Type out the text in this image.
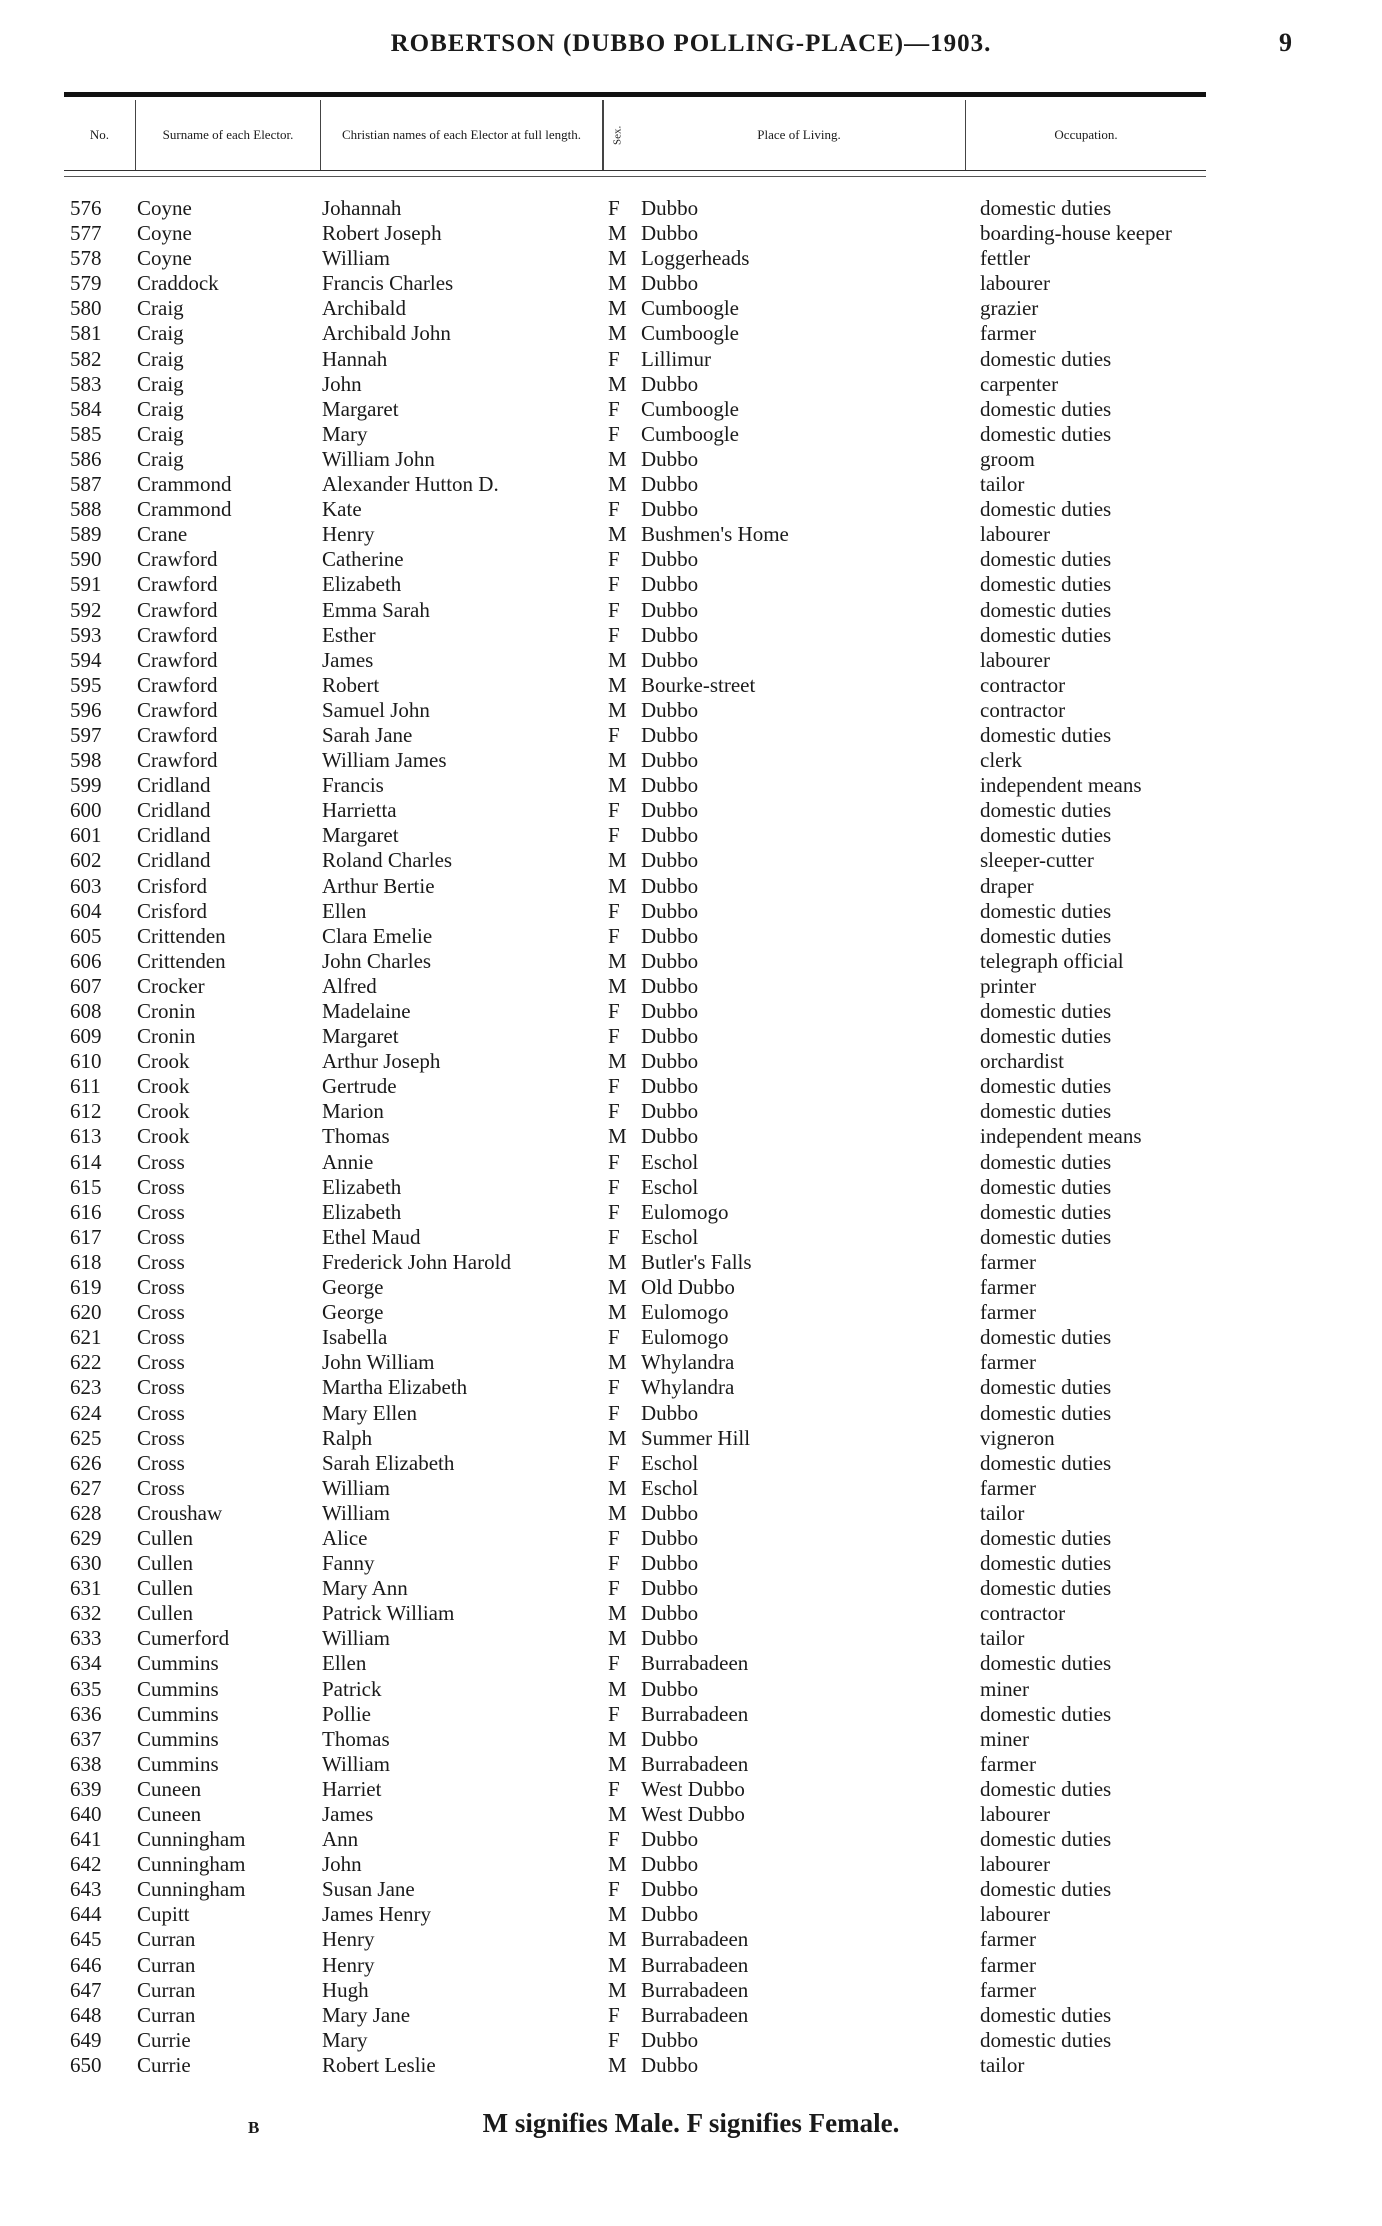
ROBERTSON (DUBBO POLLING-PLACE)—1903.	9
No.	Surname of each Elector.	Christian names of each Elector at full length.	Sex.	Place of Living.	Occupation.
576	Coyne	Johannah	F Dubbo	domestic duties
577	Coyne	Robert Joseph	M Dubbo	boarding-house keeper
578	Coyne	William	M Loggerheads	fettler
579	Craddock	Francis Charles	M Dubbo	labourer
580	Craig	Archibald	M Cumboogle	grazier
581	Craig	Archibald John	M Cumboogle	farmer
582	Craig	Hannah	F Lillimur	domestic duties
583	Craig	John	M Dubbo	carpenter
584	Craig	Margaret	F Cumboogle	domestic duties
585	Craig	Mary	F Cumboogle	domestic duties
586	Craig	William John	M Dubbo	groom
587	Crammond	Alexander Hutton D.	M Dubbo	tailor
588	Crammond	Kate	F Dubbo	domestic duties
589	Crane	Henry	M Bushmen's Home	labourer
590	Crawford	Catherine	F Dubbo	domestic duties
591	Crawford	Elizabeth	F Dubbo	domestic duties
592	Crawford	Emma Sarah	F Dubbo	domestic duties
593	Crawford	Esther	F Dubbo	domestic duties
594	Crawford	James	M Dubbo	labourer
595	Crawford	Robert	M Bourke-street	contractor
596	Crawford	Samuel John	M Dubbo	contractor
597	Crawford	Sarah Jane	F Dubbo	domestic duties
598	Crawford	William James	M Dubbo	clerk
599	Cridland	Francis	M Dubbo	independent means
600	Cridland	Harrietta	F Dubbo	domestic duties
601	Cridland	Margaret	F Dubbo	domestic duties
602	Cridland	Roland Charles	M Dubbo	sleeper-cutter
603	Crisford	Arthur Bertie	M Dubbo	draper
604	Crisford	Ellen	F Dubbo	domestic duties
605	Crittenden	Clara Emelie	F Dubbo	domestic duties
606	Crittenden	John Charles	M Dubbo	telegraph official
607	Crocker	Alfred	M Dubbo	printer
608	Cronin	Madelaine	F Dubbo	domestic duties
609	Cronin	Margaret	F Dubbo	domestic duties
610	Crook	Arthur Joseph	M Dubbo	orchardist
611	Crook	Gertrude	F Dubbo	domestic duties
612	Crook	Marion	F Dubbo	domestic duties
613	Crook	Thomas	M Dubbo	independent means
614	Cross	Annie	F Eschol	domestic duties
615	Cross	Elizabeth	F Eschol	domestic duties
616	Cross	Elizabeth	F Eulomogo	domestic duties
617	Cross	Ethel Maud	F Eschol	domestic duties
618	Cross	Frederick John Harold	M Butler's Falls	farmer
619	Cross	George	M Old Dubbo	farmer
620	Cross	George	M Eulomogo	farmer
621	Cross	Isabella	F Eulomogo	domestic duties
622	Cross	John William	M Whylandra	farmer
623	Cross	Martha Elizabeth	F Whylandra	domestic duties
624	Cross	Mary Ellen	F Dubbo	domestic duties
625	Cross	Ralph	M Summer Hill	vigneron
626	Cross	Sarah Elizabeth	F Eschol	domestic duties
627	Cross	William	M Eschol	farmer
628	Croushaw	William	M Dubbo	tailor
629	Cullen	Alice	F Dubbo	domestic duties
630	Cullen	Fanny	F Dubbo	domestic duties
631	Cullen	Mary Ann	F Dubbo	domestic duties
632	Cullen	Patrick William	M Dubbo	contractor
633	Cumerford	William	M Dubbo	tailor
634	Cummins	Ellen	F Burrabadeen	domestic duties
635	Cummins	Patrick	M Dubbo	miner
636	Cummins	Pollie	F Burrabadeen	domestic duties
637	Cummins	Thomas	M Dubbo	miner
638	Cummins	William	M Burrabadeen	farmer
639	Cuneen	Harriet	F West Dubbo	domestic duties
640	Cuneen	James	M West Dubbo	labourer
641	Cunningham	Ann	F Dubbo	domestic duties
642	Cunningham	John	M Dubbo	labourer
643	Cunningham	Susan Jane	F Dubbo	domestic duties
644	Cupitt	James Henry	M Dubbo	labourer
645	Curran	Henry	M Burrabadeen	farmer
646	Curran	Henry	M Burrabadeen	farmer
647	Curran	Hugh	M Burrabadeen	farmer
648	Curran	Mary Jane	F Burrabadeen	domestic duties
649	Currie	Mary	F Dubbo	domestic duties
650	Currie	Robert Leslie	M Dubbo	tailor
B	M signifies Male. F signifies Female.
